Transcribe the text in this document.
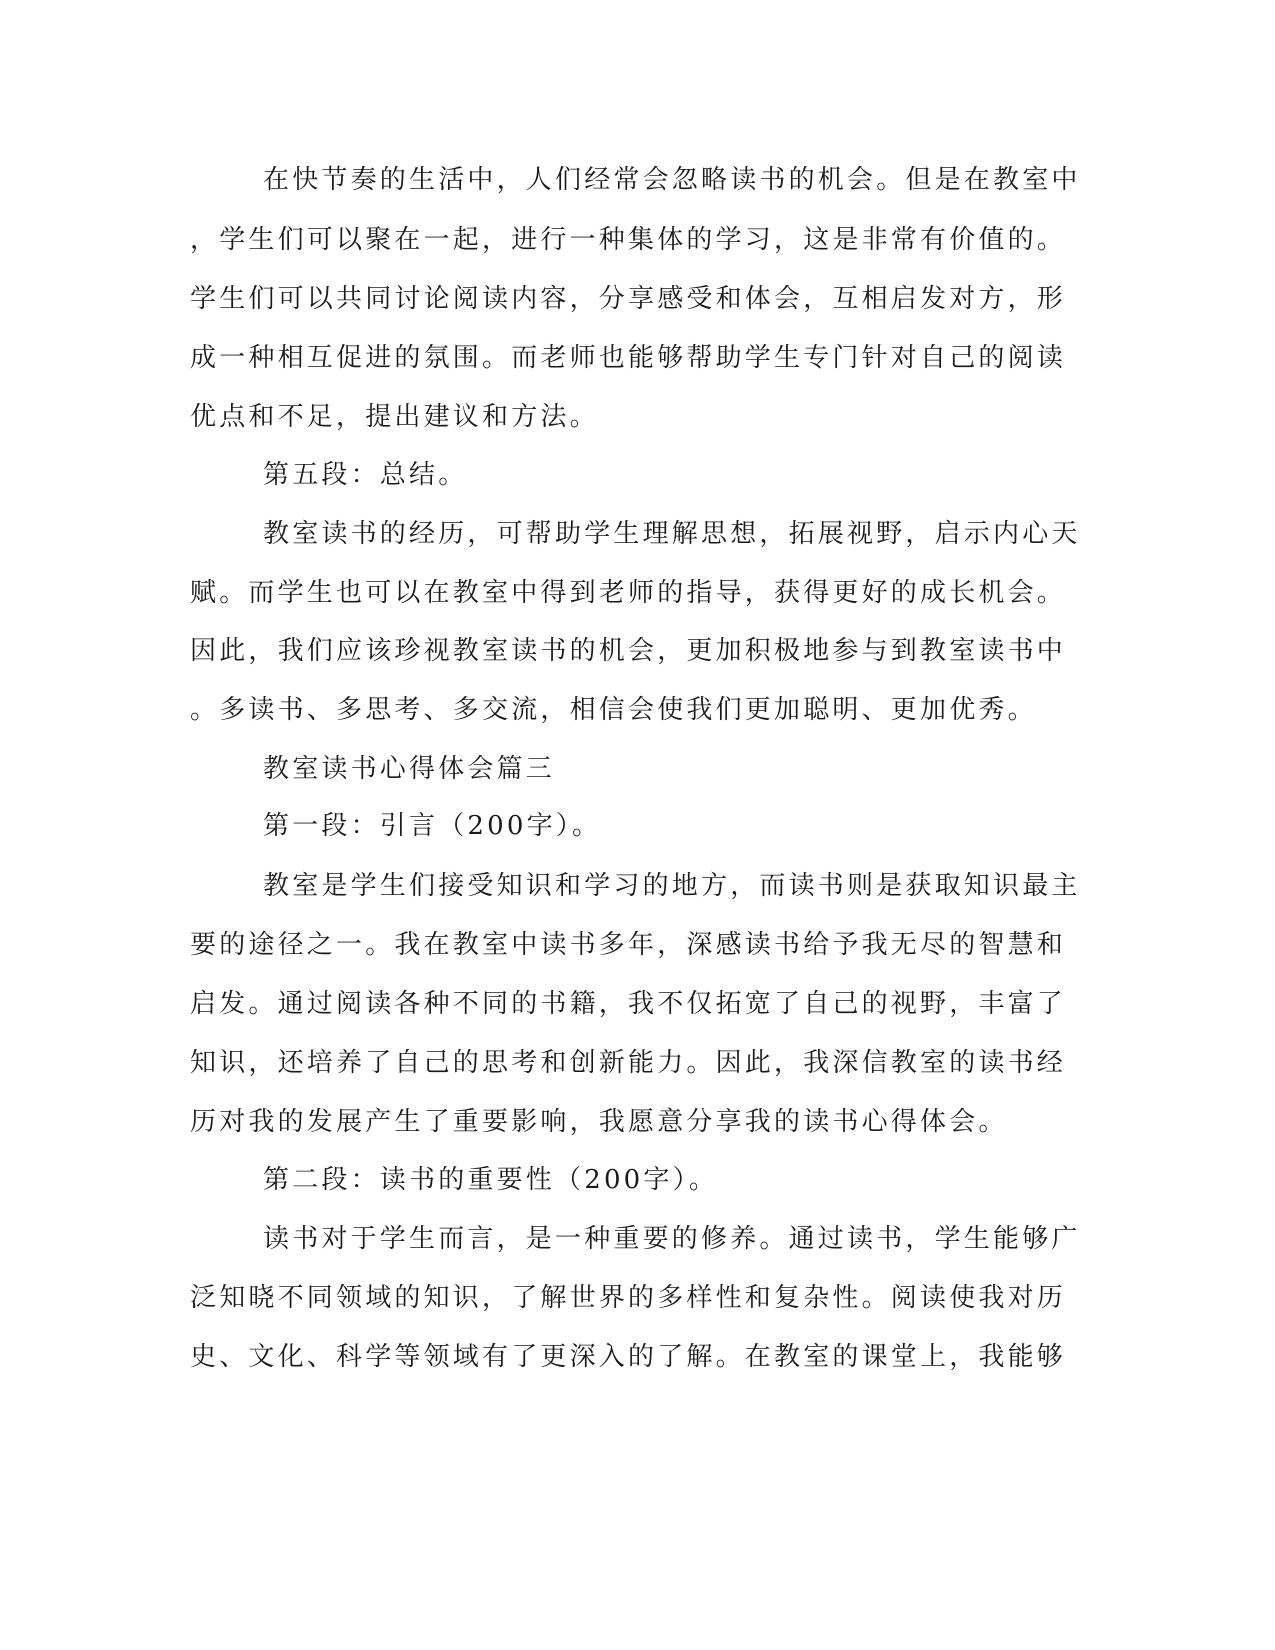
在快节奏的生活中，人们经常会忽略读书的机会。但是在教室中
，学生们可以聚在一起，进行一种集体的学习，这是非常有价值的。
学生们可以共同讨论阅读内容，分享感受和体会，互相启发对方，形
成一种相互促进的氛围。而老师也能够帮助学生专门针对自己的阅读
优点和不足，提出建议和方法。
第五段：总结。
教室读书的经历，可帮助学生理解思想，拓展视野，启示内心天
赋。而学生也可以在教室中得到老师的指导，获得更好的成长机会。
因此，我们应该珍视教室读书的机会，更加积极地参与到教室读书中
。多读书、多思考、多交流，相信会使我们更加聪明、更加优秀。
教室读书心得体会篇三
第一段：引言（200字）。
教室是学生们接受知识和学习的地方，而读书则是获取知识最主
要的途径之一。我在教室中读书多年，深感读书给予我无尽的智慧和
启发。通过阅读各种不同的书籍，我不仅拓宽了自己的视野，丰富了
知识，还培养了自己的思考和创新能力。因此，我深信教室的读书经
历对我的发展产生了重要影响，我愿意分享我的读书心得体会。
第二段：读书的重要性（200字）。
读书对于学生而言，是一种重要的修养。通过读书，学生能够广
泛知晓不同领域的知识，了解世界的多样性和复杂性。阅读使我对历
史、文化、科学等领域有了更深入的了解。在教室的课堂上，我能够
